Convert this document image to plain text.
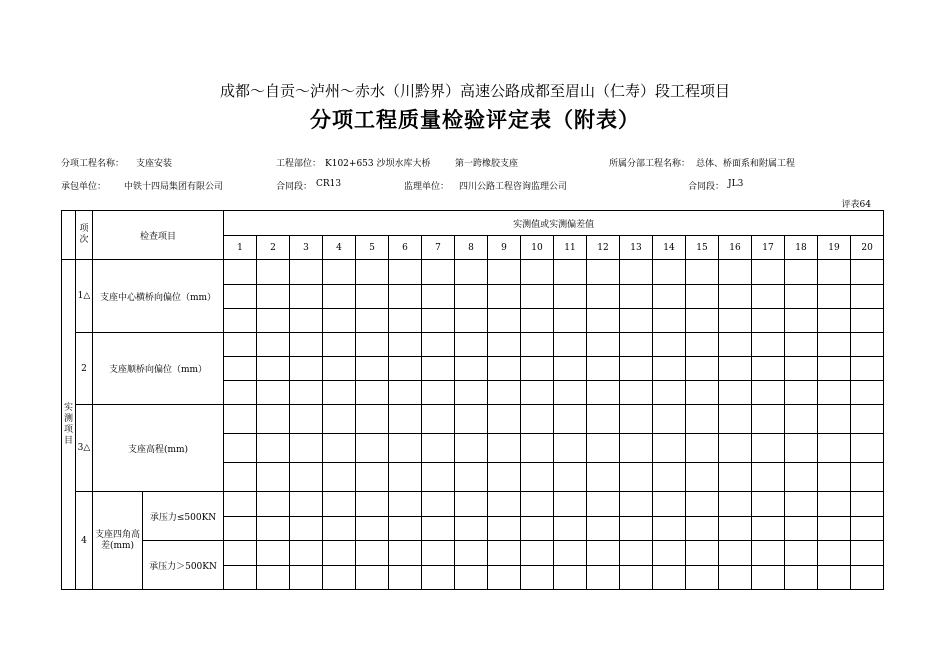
成都～自贡～泸州～赤水（川黔界）高速公路成都至眉山（仁寿）段工程项目
分项工程质量检验评定表（附表）
分项工程名称： 支座安装	工程部位： K102+653 沙坝水库大桥	第一跨橡胶支座	所属分部工程名称： 总体、桥面系和附属工程
承包单位： 中铁十四局集团有限公司	合同段： CR13	监理单位： 四川公路工程咨询监理公司	合同段： JL3
评表64
	项次	检查项目		实测值或实测偏差值																			
				1	2	3	4	5	6	7	8	9	10	11	12	13	14	15	16	17	18	19	20
实测项目	1△	支座中心横桥向偏位（mm）																					

	2	支座顺桥向偏位（mm）																					

	3△	支座高程(mm)																					

	4	支座四角高差(mm)	承压力≤500KN																				

			承压力＞500KN																				
